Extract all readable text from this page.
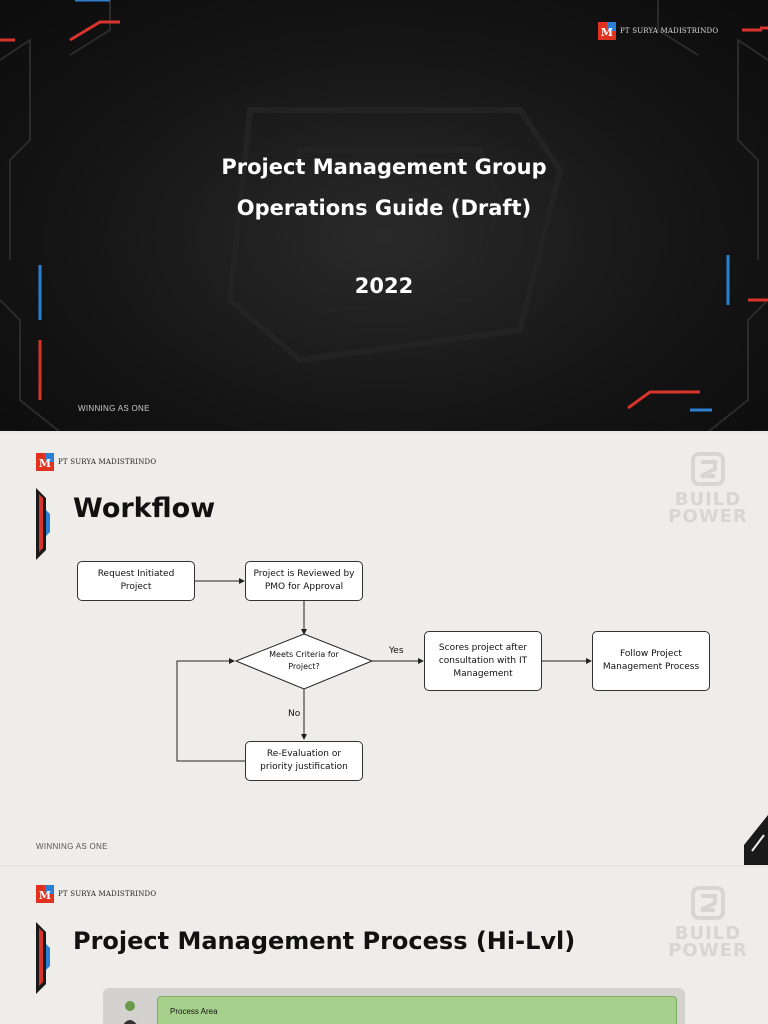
M PT SURYA MADISTRINDO
Project Management Group
Operations Guide (Draft)
2022
WINNING AS ONE
M PT SURYA MADISTRINDO
Workflow	BUILD
POWER
Request Initiated Project
Project is Reviewed by PMO for Approval
Meets Criteria for Project?
Scores project after consultation with IT Management
Follow Project Management Process
Re-Evaluation or priority justification
Yes
No
WINNING AS ONE
M PT SURYA MADISTRINDO
Project Management Process (Hi-Lvl)	BUILD
POWER
Process Area
